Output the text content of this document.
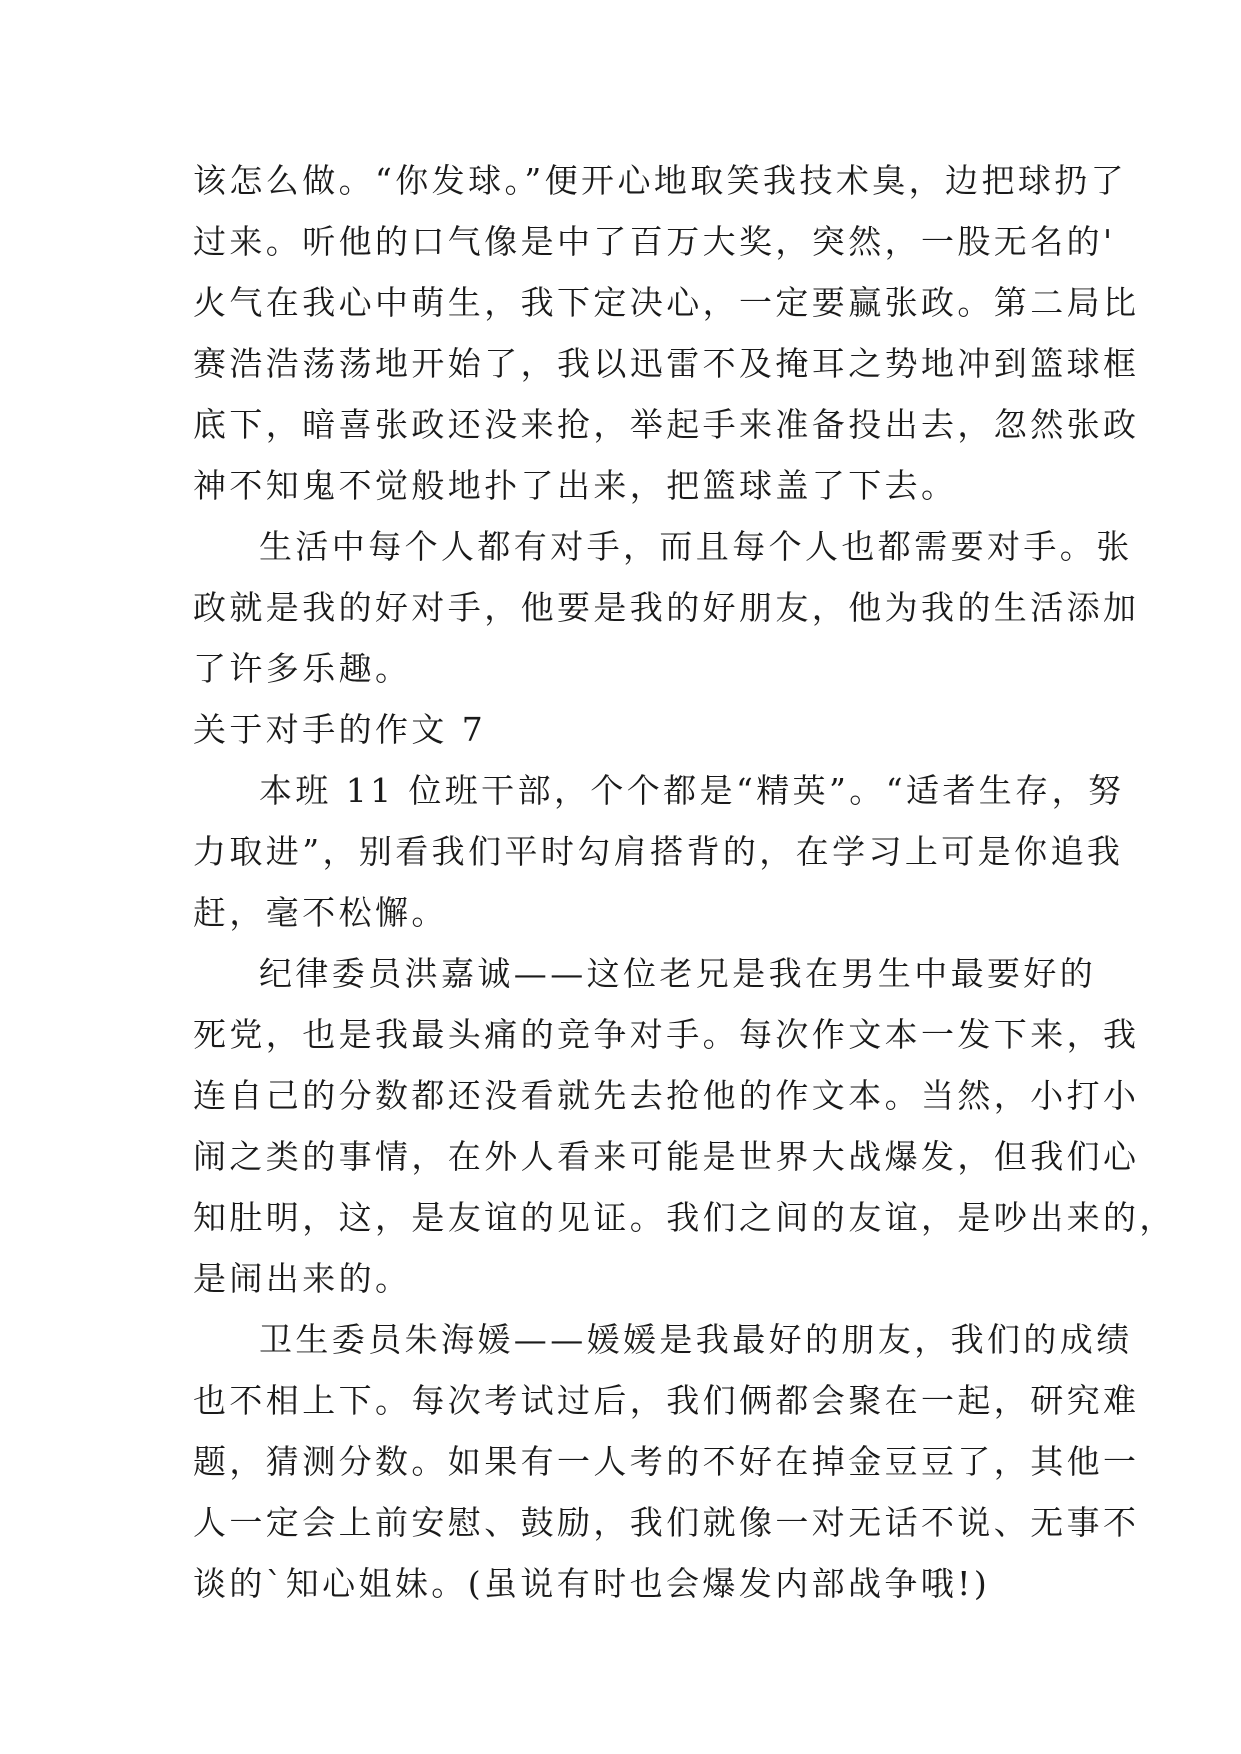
该怎么做。“你发球。”便开心地取笑我技术臭，边把球扔了
过来。听他的口气像是中了百万大奖，突然，一股无名的'
火气在我心中萌生，我下定决心，一定要赢张政。第二局比
赛浩浩荡荡地开始了，我以迅雷不及掩耳之势地冲到篮球框
底下，暗喜张政还没来抢，举起手来准备投出去，忽然张政
神不知鬼不觉般地扑了出来，把篮球盖了下去。
生活中每个人都有对手，而且每个人也都需要对手。张
政就是我的好对手，他要是我的好朋友，他为我的生活添加
了许多乐趣。
关于对手的作文 7
本班 11 位班干部，个个都是“精英”。“适者生存，努
力取进”，别看我们平时勾肩搭背的，在学习上可是你追我
赶，毫不松懈。
纪律委员洪嘉诚——这位老兄是我在男生中最要好的
死党，也是我最头痛的竞争对手。每次作文本一发下来，我
连自己的分数都还没看就先去抢他的作文本。当然，小打小
闹之类的事情，在外人看来可能是世界大战爆发，但我们心
知肚明，这，是友谊的见证。我们之间的友谊，是吵出来的，
是闹出来的。
卫生委员朱海媛——媛媛是我最好的朋友，我们的成绩
也不相上下。每次考试过后，我们俩都会聚在一起，研究难
题，猜测分数。如果有一人考的不好在掉金豆豆了，其他一
人一定会上前安慰、鼓励，我们就像一对无话不说、无事不
谈的`知心姐妹。(虽说有时也会爆发内部战争哦!)
